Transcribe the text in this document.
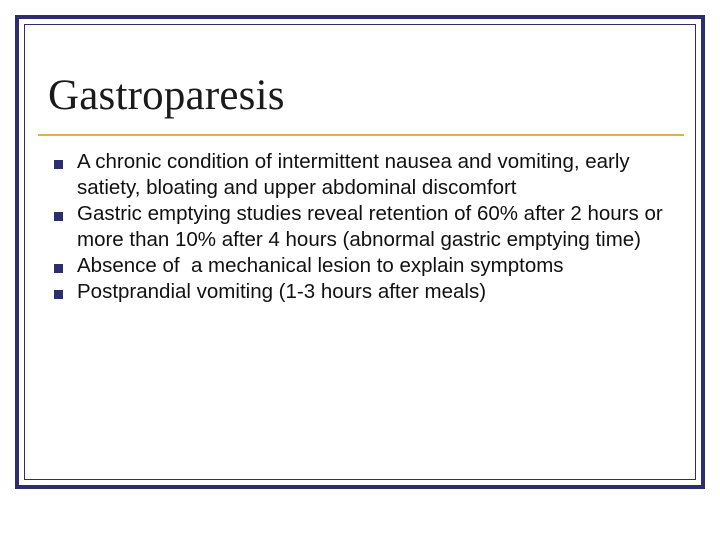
Gastroparesis
A chronic condition of intermittent nausea and vomiting, early satiety, bloating and upper abdominal discomfort
Gastric emptying studies reveal retention of 60% after 2 hours or more than 10% after 4 hours (abnormal gastric emptying time)
Absence of  a mechanical lesion to explain symptoms
Postprandial vomiting (1-3 hours after meals)
